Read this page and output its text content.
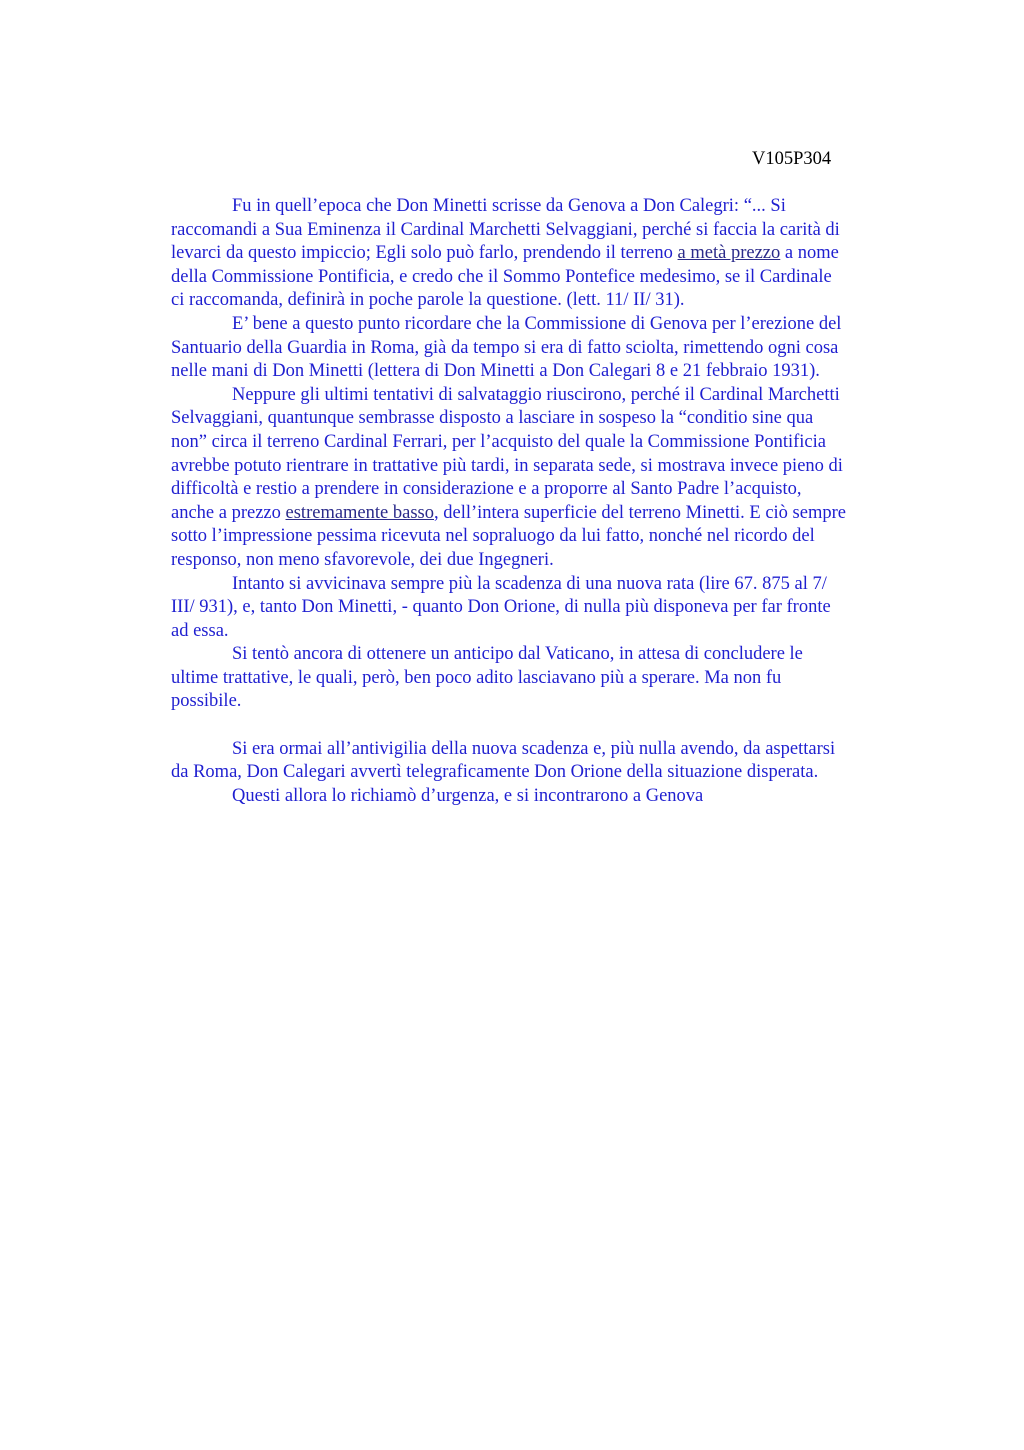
V105P304
Fu in quell’epoca che Don Minetti scrisse da Genova a Don Calegri: “... Si
raccomandi a Sua Eminenza il Cardinal Marchetti Selvaggiani, perché si faccia la carità di
levarci da questo impiccio; Egli solo può farlo, prendendo il terreno a metà prezzo a nome
della Commissione Pontificia, e credo che il Sommo Pontefice medesimo, se il Cardinale
ci raccomanda, definirà in poche parole la questione. (lett. 11/ II/ 31).
E’ bene a questo punto ricordare che la Commissione di Genova per l’erezione del
Santuario della Guardia in Roma, già da tempo si era di fatto sciolta, rimettendo ogni cosa
nelle mani di Don Minetti (lettera di Don Minetti a Don Calegari 8 e 21 febbraio 1931).
Neppure gli ultimi tentativi di salvataggio riuscirono, perché il Cardinal Marchetti
Selvaggiani, quantunque sembrasse disposto a lasciare in sospeso la “conditio sine qua
non” circa il terreno Cardinal Ferrari, per l’acquisto del quale la Commissione Pontificia
avrebbe potuto rientrare in trattative più tardi, in separata sede, si mostrava invece pieno di
difficoltà e restio a prendere in considerazione e a proporre al Santo Padre l’acquisto,
anche a prezzo estremamente basso, dell’intera superficie del terreno Minetti. E ciò sempre
sotto l’impressione pessima ricevuta nel sopraluogo da lui fatto, nonché nel ricordo del
responso, non meno sfavorevole, dei due Ingegneri.
Intanto si avvicinava sempre più la scadenza di una nuova rata (lire 67. 875 al 7/
III/ 931), e, tanto Don Minetti, - quanto Don Orione, di nulla più disponeva per far fronte
ad essa.
Si tentò ancora di ottenere un anticipo dal Vaticano, in attesa di concludere le
ultime trattative, le quali, però, ben poco adito lasciavano più a sperare. Ma non fu
possibile.
Si era ormai all’antivigilia della nuova scadenza e, più nulla avendo, da aspettarsi
da Roma, Don Calegari avvertì telegraficamente Don Orione della situazione disperata.
Questi allora lo richiamò d’urgenza, e si incontrarono a Genova
